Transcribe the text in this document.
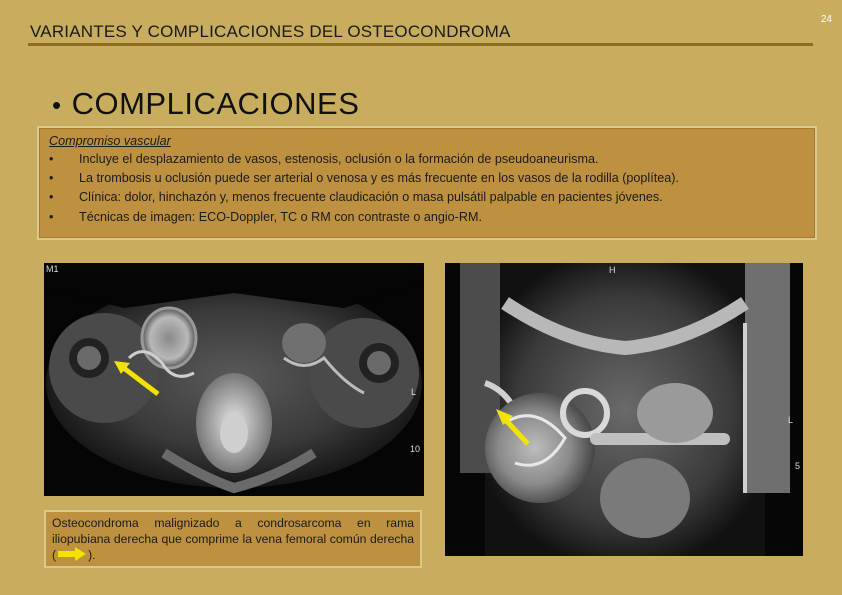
VARIANTES Y COMPLICACIONES DEL OSTEOCONDROMA
24
• COMPLICACIONES
Compromiso vascular
• Incluye el desplazamiento de vasos, estenosis, oclusión o la formación de pseudoaneurisma.
• La trombosis u oclusión puede ser arterial o venosa y es más frecuente en los vasos de la rodilla (poplítea).
• Clínica: dolor, hinchazón y, menos frecuente claudicación o masa pulsátil palpable en pacientes jóvenes.
• Técnicas de imagen: ECO-Doppler, TC o RM con contraste o angio-RM.
M1
L
10
Osteocondroma malignizado a condrosarcoma en rama iliopubiana derecha que comprime la vena femoral común derecha (	).
H
L
5
